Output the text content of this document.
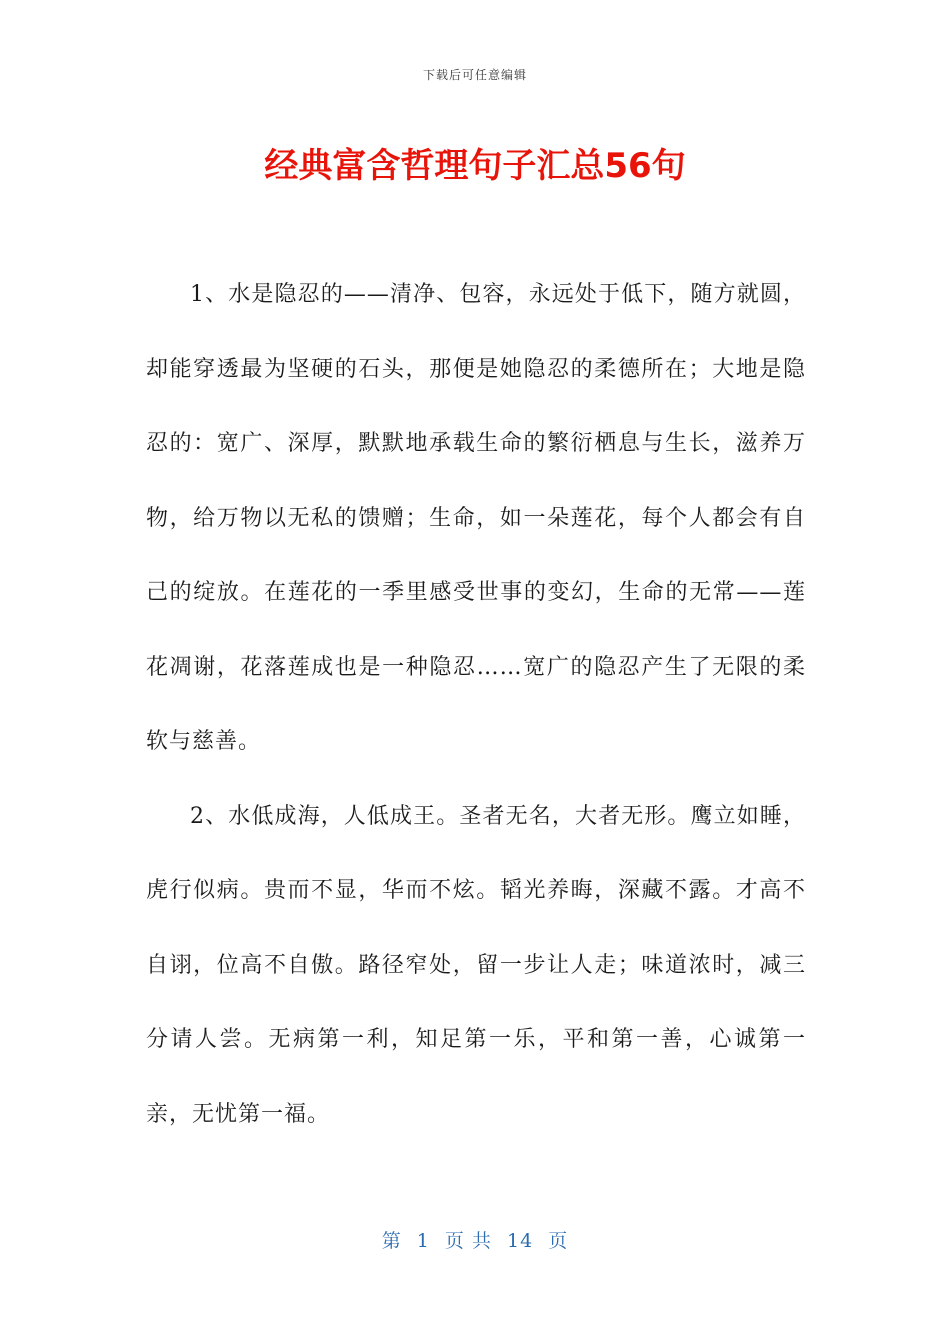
下载后可任意编辑
经典富含哲理句子汇总56句

1、水是隐忍的——清净、包容，永远处于低下，随方就圆，却能穿透最为坚硬的石头，那便是她隐忍的柔德所在；大地是隐忍的：宽广、深厚，默默地承载生命的繁衍栖息与生长，滋养万物，给万物以无私的馈赠；生命，如一朵莲花，每个人都会有自己的绽放。在莲花的一季里感受世事的变幻，生命的无常——莲花凋谢，花落莲成也是一种隐忍……宽广的隐忍产生了无限的柔软与慈善。

2、水低成海，人低成王。圣者无名，大者无形。鹰立如睡，虎行似病。贵而不显，华而不炫。韬光养晦，深藏不露。才高不自诩，位高不自傲。路径窄处，留一步让人走；味道浓时，减三分请人尝。无病第一利，知足第一乐，平和第一善，心诚第一亲，无忧第一福。

第 1 页 共 14 页
